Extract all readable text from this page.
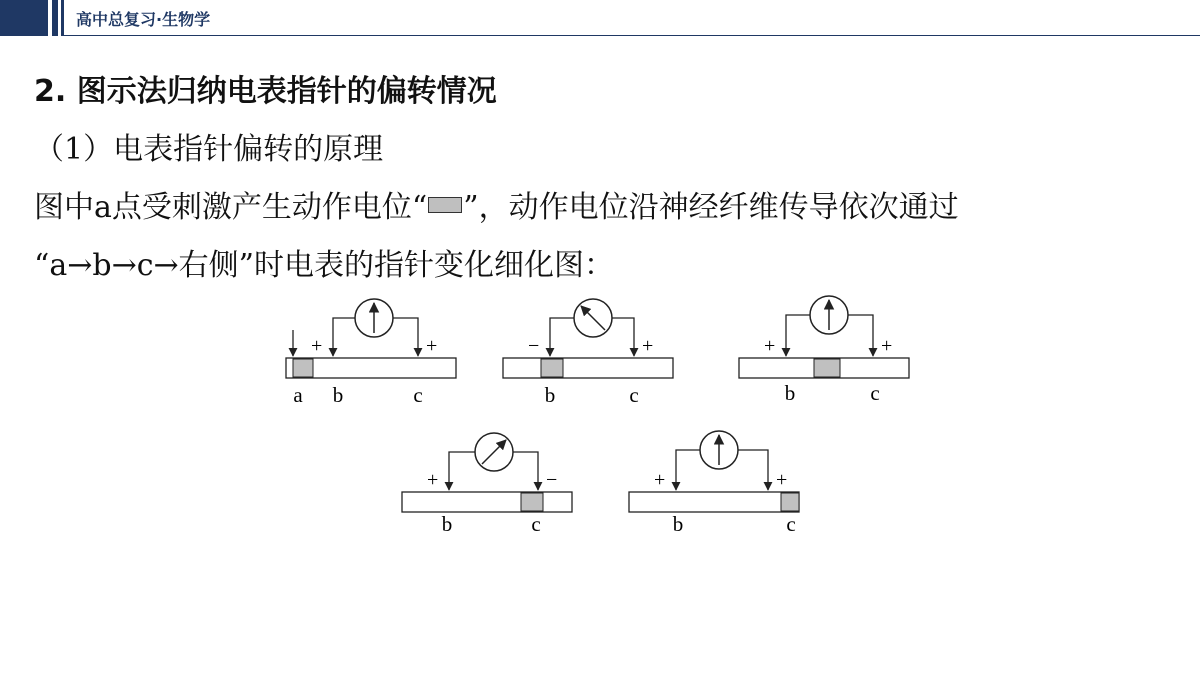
高中总复习·生物学
2. 图示法归纳电表指针的偏转情况
（1）电表指针偏转的原理
图中a点受刺激产生动作电位“ ”，动作电位沿神经纤维传导依次通过
“a→b→c→右侧”时电表的指针变化细化图：
+	+
a b	c
−	+
b	c
+	+
b	c
+	−
b	c
+	+
b	c
